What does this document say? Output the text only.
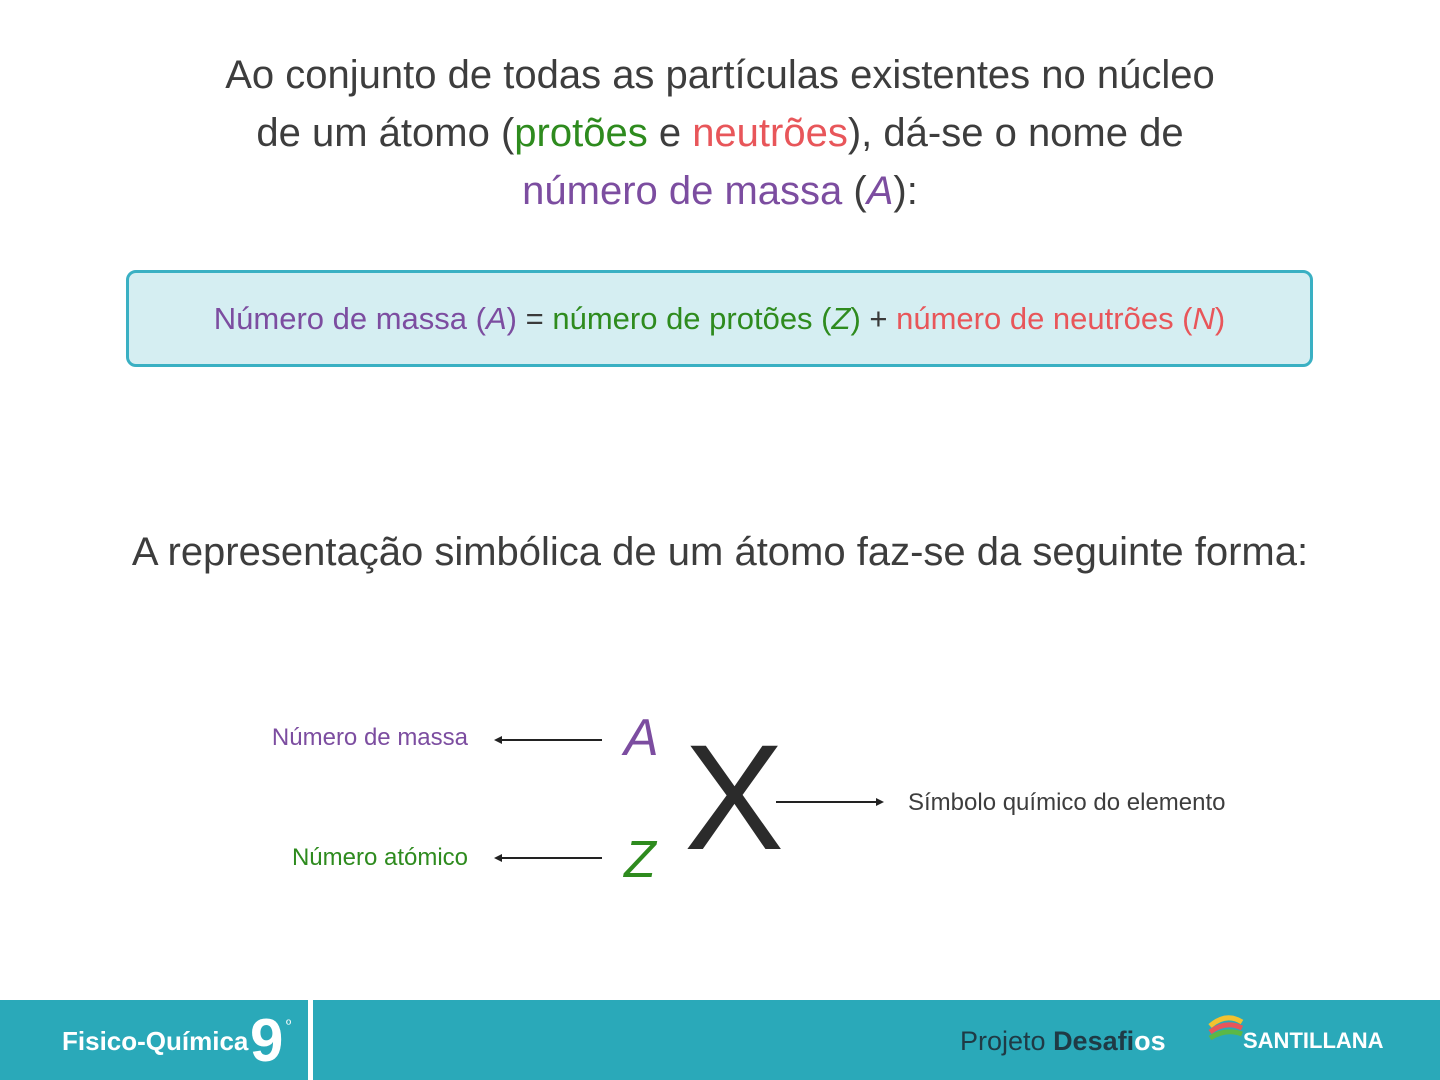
Ao conjunto de todas as partículas existentes no núcleo
de um átomo (protões e neutrões), dá-se o nome de
número de massa (A):
Número de massa (A) = número de protões (Z) + número de neutrões (N)
A representação simbólica de um átomo faz-se da seguinte forma:
Número de massa
Número atómico
Símbolo químico do elemento
A
Z X
Fisico-Química 9 º
Projeto Desafios	SANTILLANA
